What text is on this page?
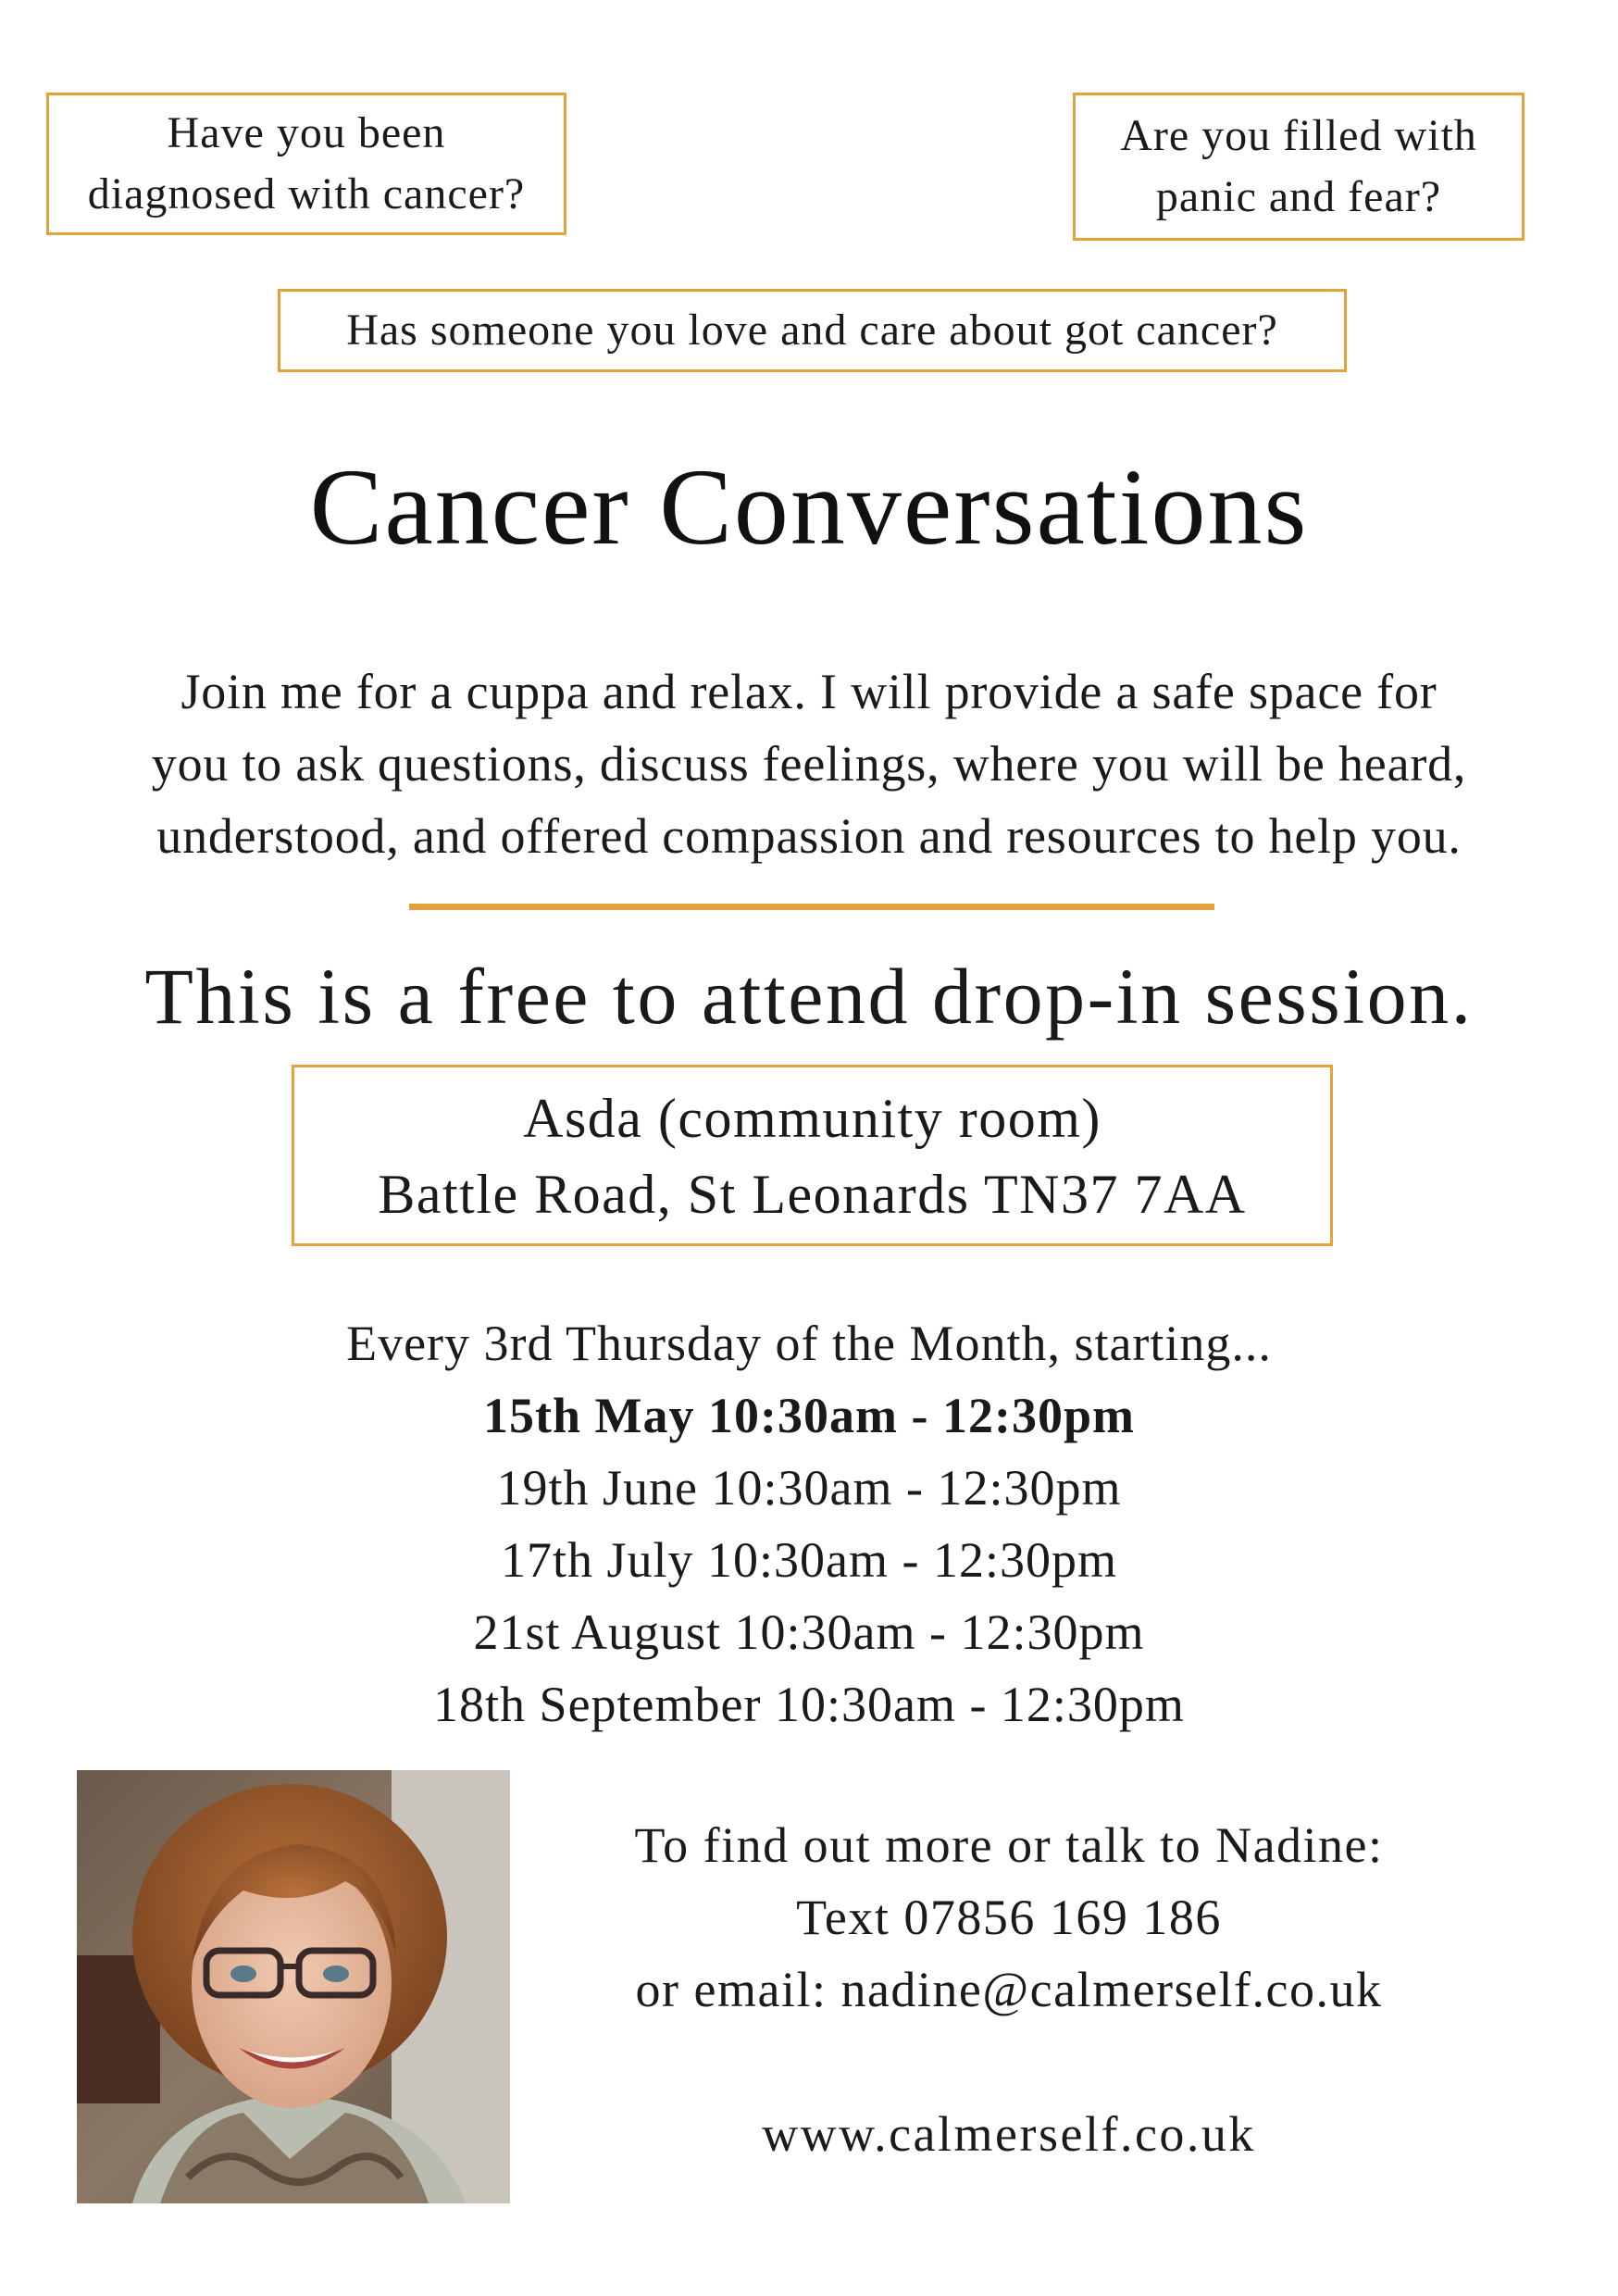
Have you been
diagnosed with cancer?
Are you filled with
panic and fear?
Has someone you love and care about got cancer?
Cancer Conversations
Join me for a cuppa and relax. I will provide a safe space for
you to ask questions, discuss feelings, where you will be heard,
understood, and offered compassion and resources to help you.
This is a free to attend drop-in session.
Asda (community room)
Battle Road, St Leonards TN37 7AA
Every 3rd Thursday of the Month, starting...
15th May 10:30am - 12:30pm
19th June 10:30am - 12:30pm
17th July 10:30am - 12:30pm
21st August 10:30am - 12:30pm
18th September 10:30am - 12:30pm
To find out more or talk to Nadine:
Text 07856 169 186
or email: nadine@calmerself.co.uk
www.calmerself.co.uk
